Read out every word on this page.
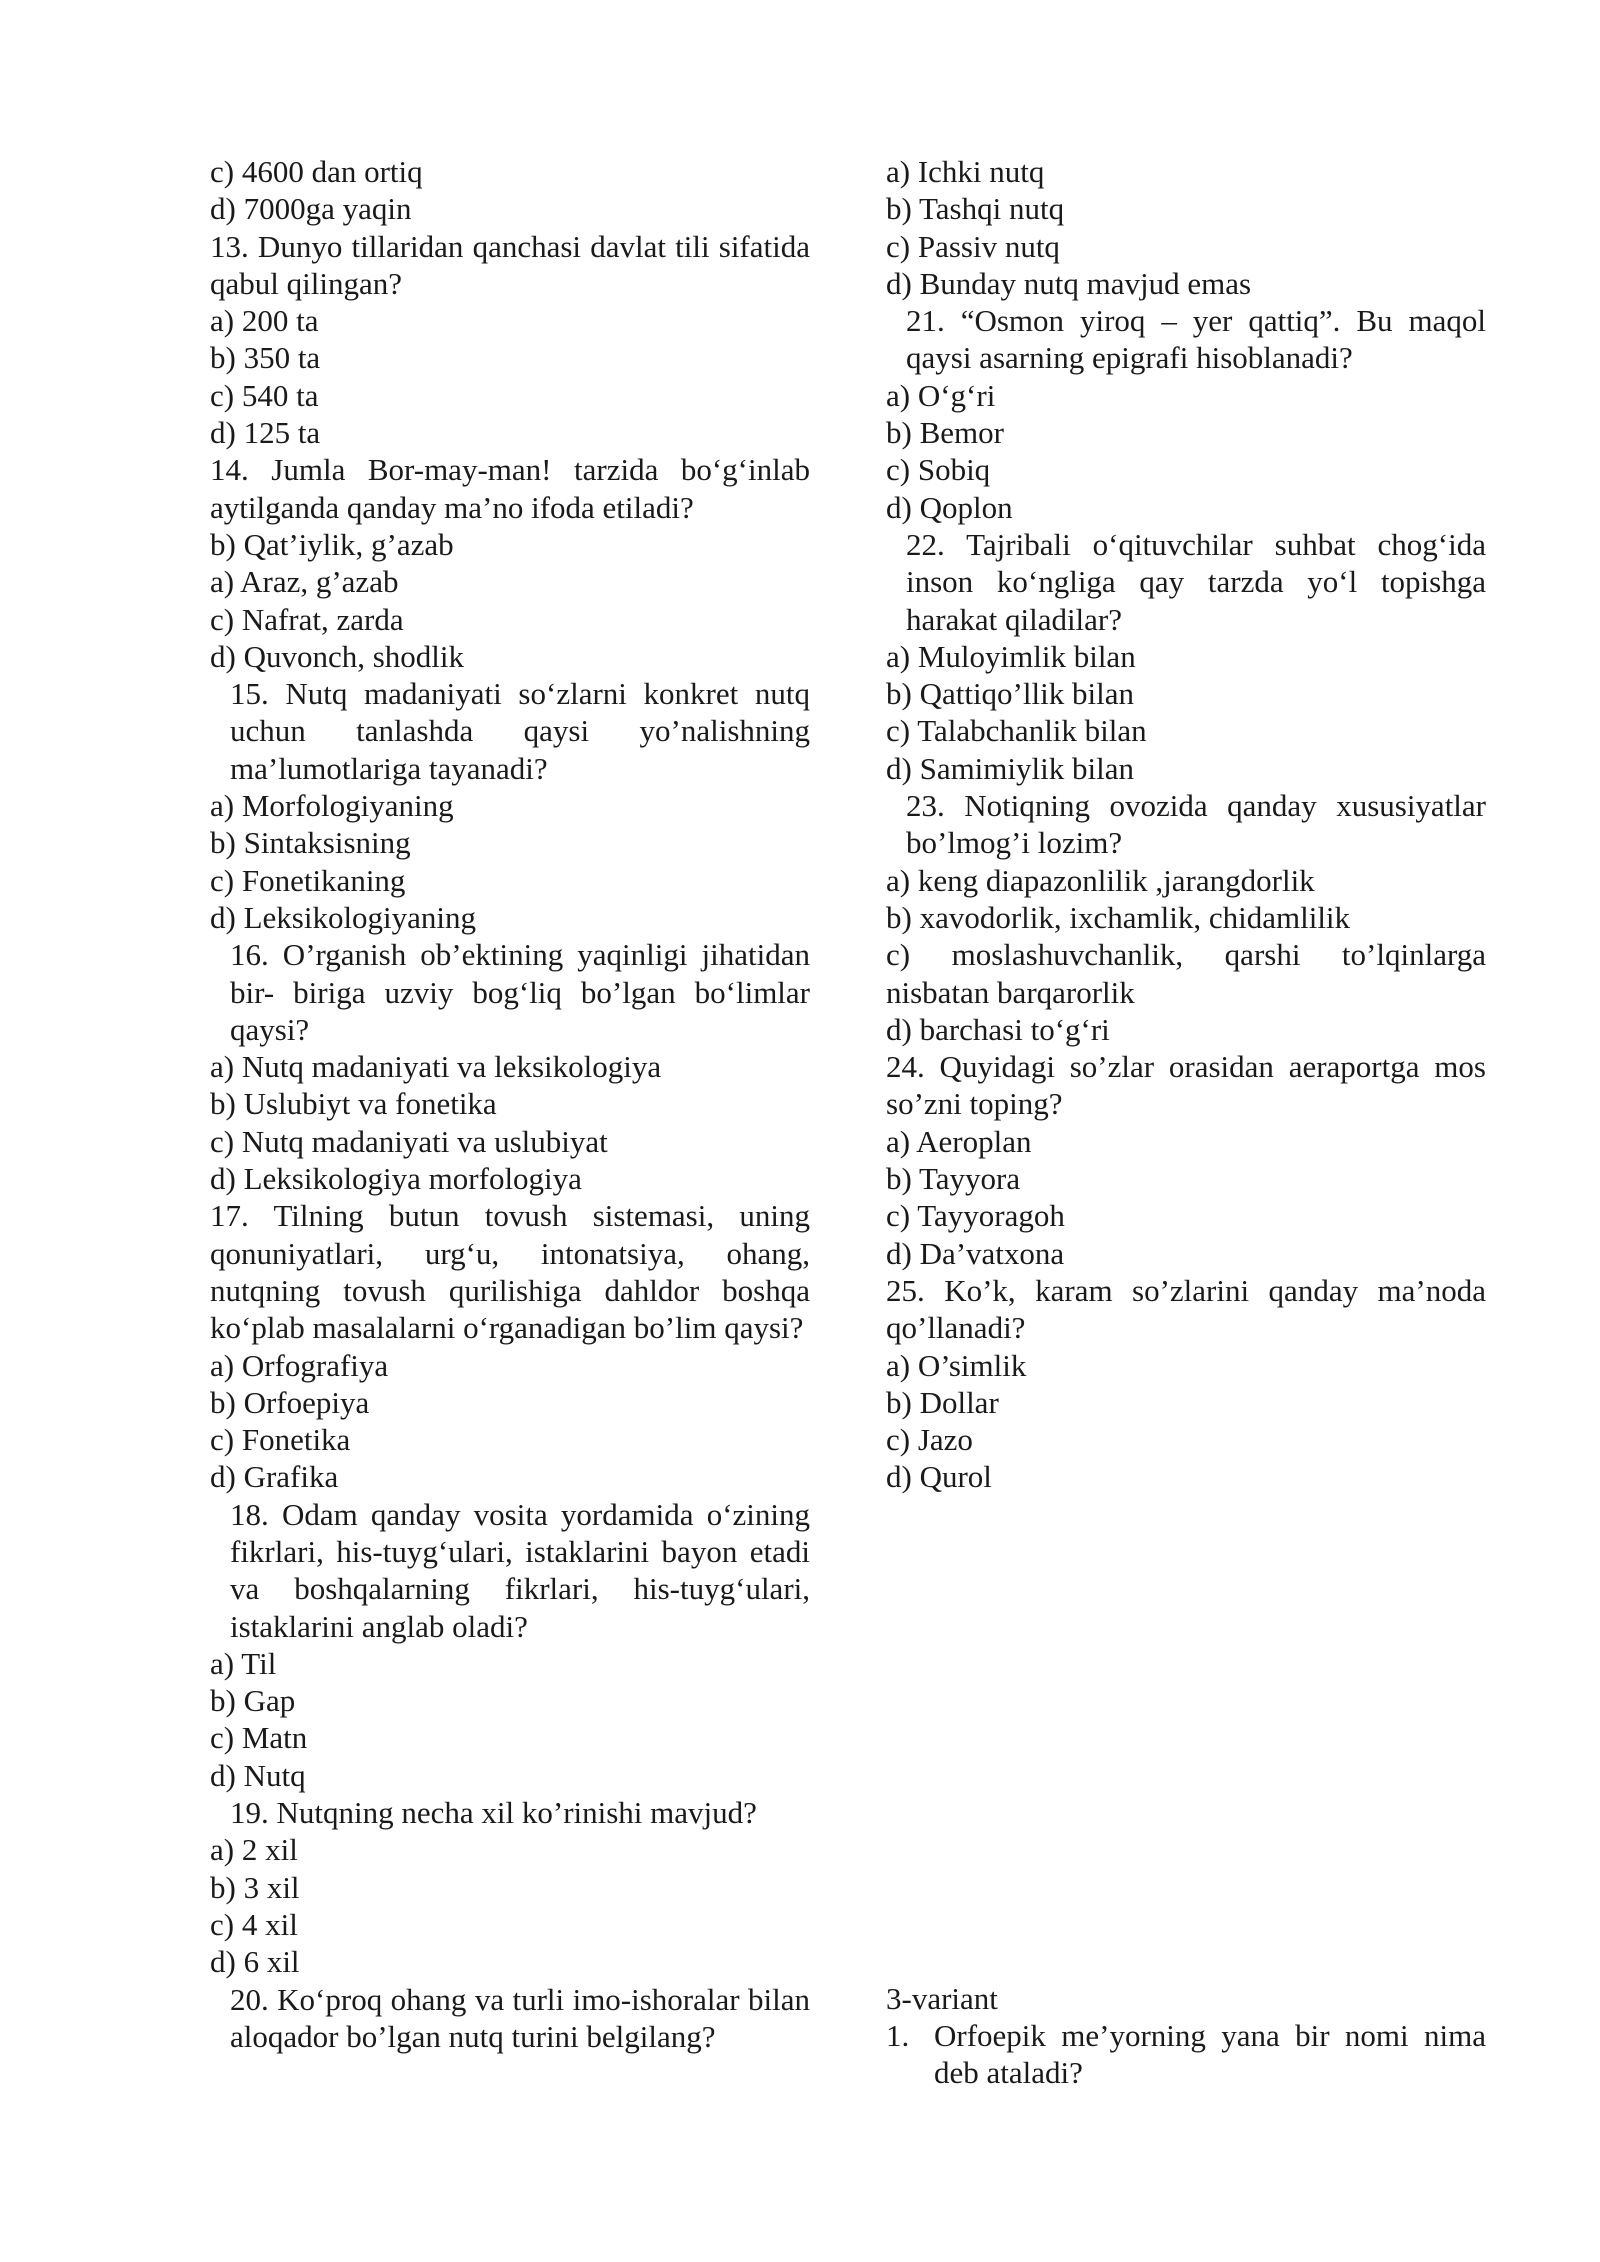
c) 4600 dan ortiq

d) 7000ga yaqin

13. Dunyo tillaridan qanchasi davlat tili sifatida qabul qilingan?

a) 200 ta

b) 350 ta

c) 540 ta

d) 125 ta

14. Jumla Bor-may-man! tarzida bo‘g‘inlab aytilganda qanday ma’no ifoda etiladi?

b) Qat’iylik, g’azab

a) Araz, g’azab

c) Nafrat, zarda

d) Quvonch, shodlik

15. Nutq madaniyati so‘zlarni konkret nutq uchun tanlashda qaysi yo’nalishning ma’lumotlariga tayanadi?

a) Morfologiyaning

b) Sintaksisning

c) Fonetikaning

d) Leksikologiyaning

16. O’rganish ob’ektining yaqinligi jihatidan bir- biriga uzviy bog‘liq bo’lgan bo‘limlar qaysi?

a) Nutq madaniyati va leksikologiya

b) Uslubiyt va fonetika

c) Nutq madaniyati va uslubiyat

d) Leksikologiya morfologiya

17. Tilning butun tovush sistemasi, uning qonuniyatlari, urg‘u, intonatsiya, ohang, nutqning tovush qurilishiga dahldor boshqa ko‘plab masalalarni o‘rganadigan bo’lim qaysi?

a) Orfografiya

b) Orfoepiya

c) Fonetika

d) Grafika

18. Odam qanday vosita yordamida o‘zining fikrlari, his-tuyg‘ulari, istaklarini bayon etadi va boshqalarning fikrlari, his-tuyg‘ulari, istaklarini anglab oladi?

a) Til

b) Gap

c) Matn

d) Nutq

19. Nutqning necha xil ko’rinishi mavjud?

a) 2 xil

b) 3 xil

c) 4 xil

d) 6 xil

20. Ko‘proq ohang va turli imo-ishoralar bilan aloqador bo’lgan nutq turini belgilang?

a) Ichki nutq

b) Tashqi nutq

c) Passiv nutq

d) Bunday nutq mavjud emas

21. “Osmon yiroq – yer qattiq”. Bu maqol qaysi asarning epigrafi hisoblanadi?

a) O‘g‘ri

b) Bemor

c) Sobiq

d) Qoplon

22. Tajribali o‘qituvchilar suhbat chog‘ida inson ko‘ngliga qay tarzda yo‘l topishga harakat qiladilar?

a) Muloyimlik bilan

b) Qattiqo’llik bilan

c) Talabchanlik bilan

d) Samimiylik bilan

23. Notiqning ovozida qanday xususiyatlar bo’lmog’i lozim?

a) keng diapazonlilik ,jarangdorlik

b) xavodorlik, ixchamlik, chidamlilik

c) moslashuvchanlik, qarshi to’lqinlarga nisbatan barqarorlik

d) barchasi to‘g‘ri

24. Quyidagi so’zlar orasidan aeraportga mos so’zni toping?

a) Aeroplan

b) Tayyora

c) Tayyoragoh

d) Da’vatxona

25. Ko’k, karam so’zlarini qanday ma’noda qo’llanadi?

a) O’simlik

b) Dollar

c) Jazo

d) Qurol

3-variant

1. Orfoepik me’yorning yana bir nomi nima deb ataladi?
